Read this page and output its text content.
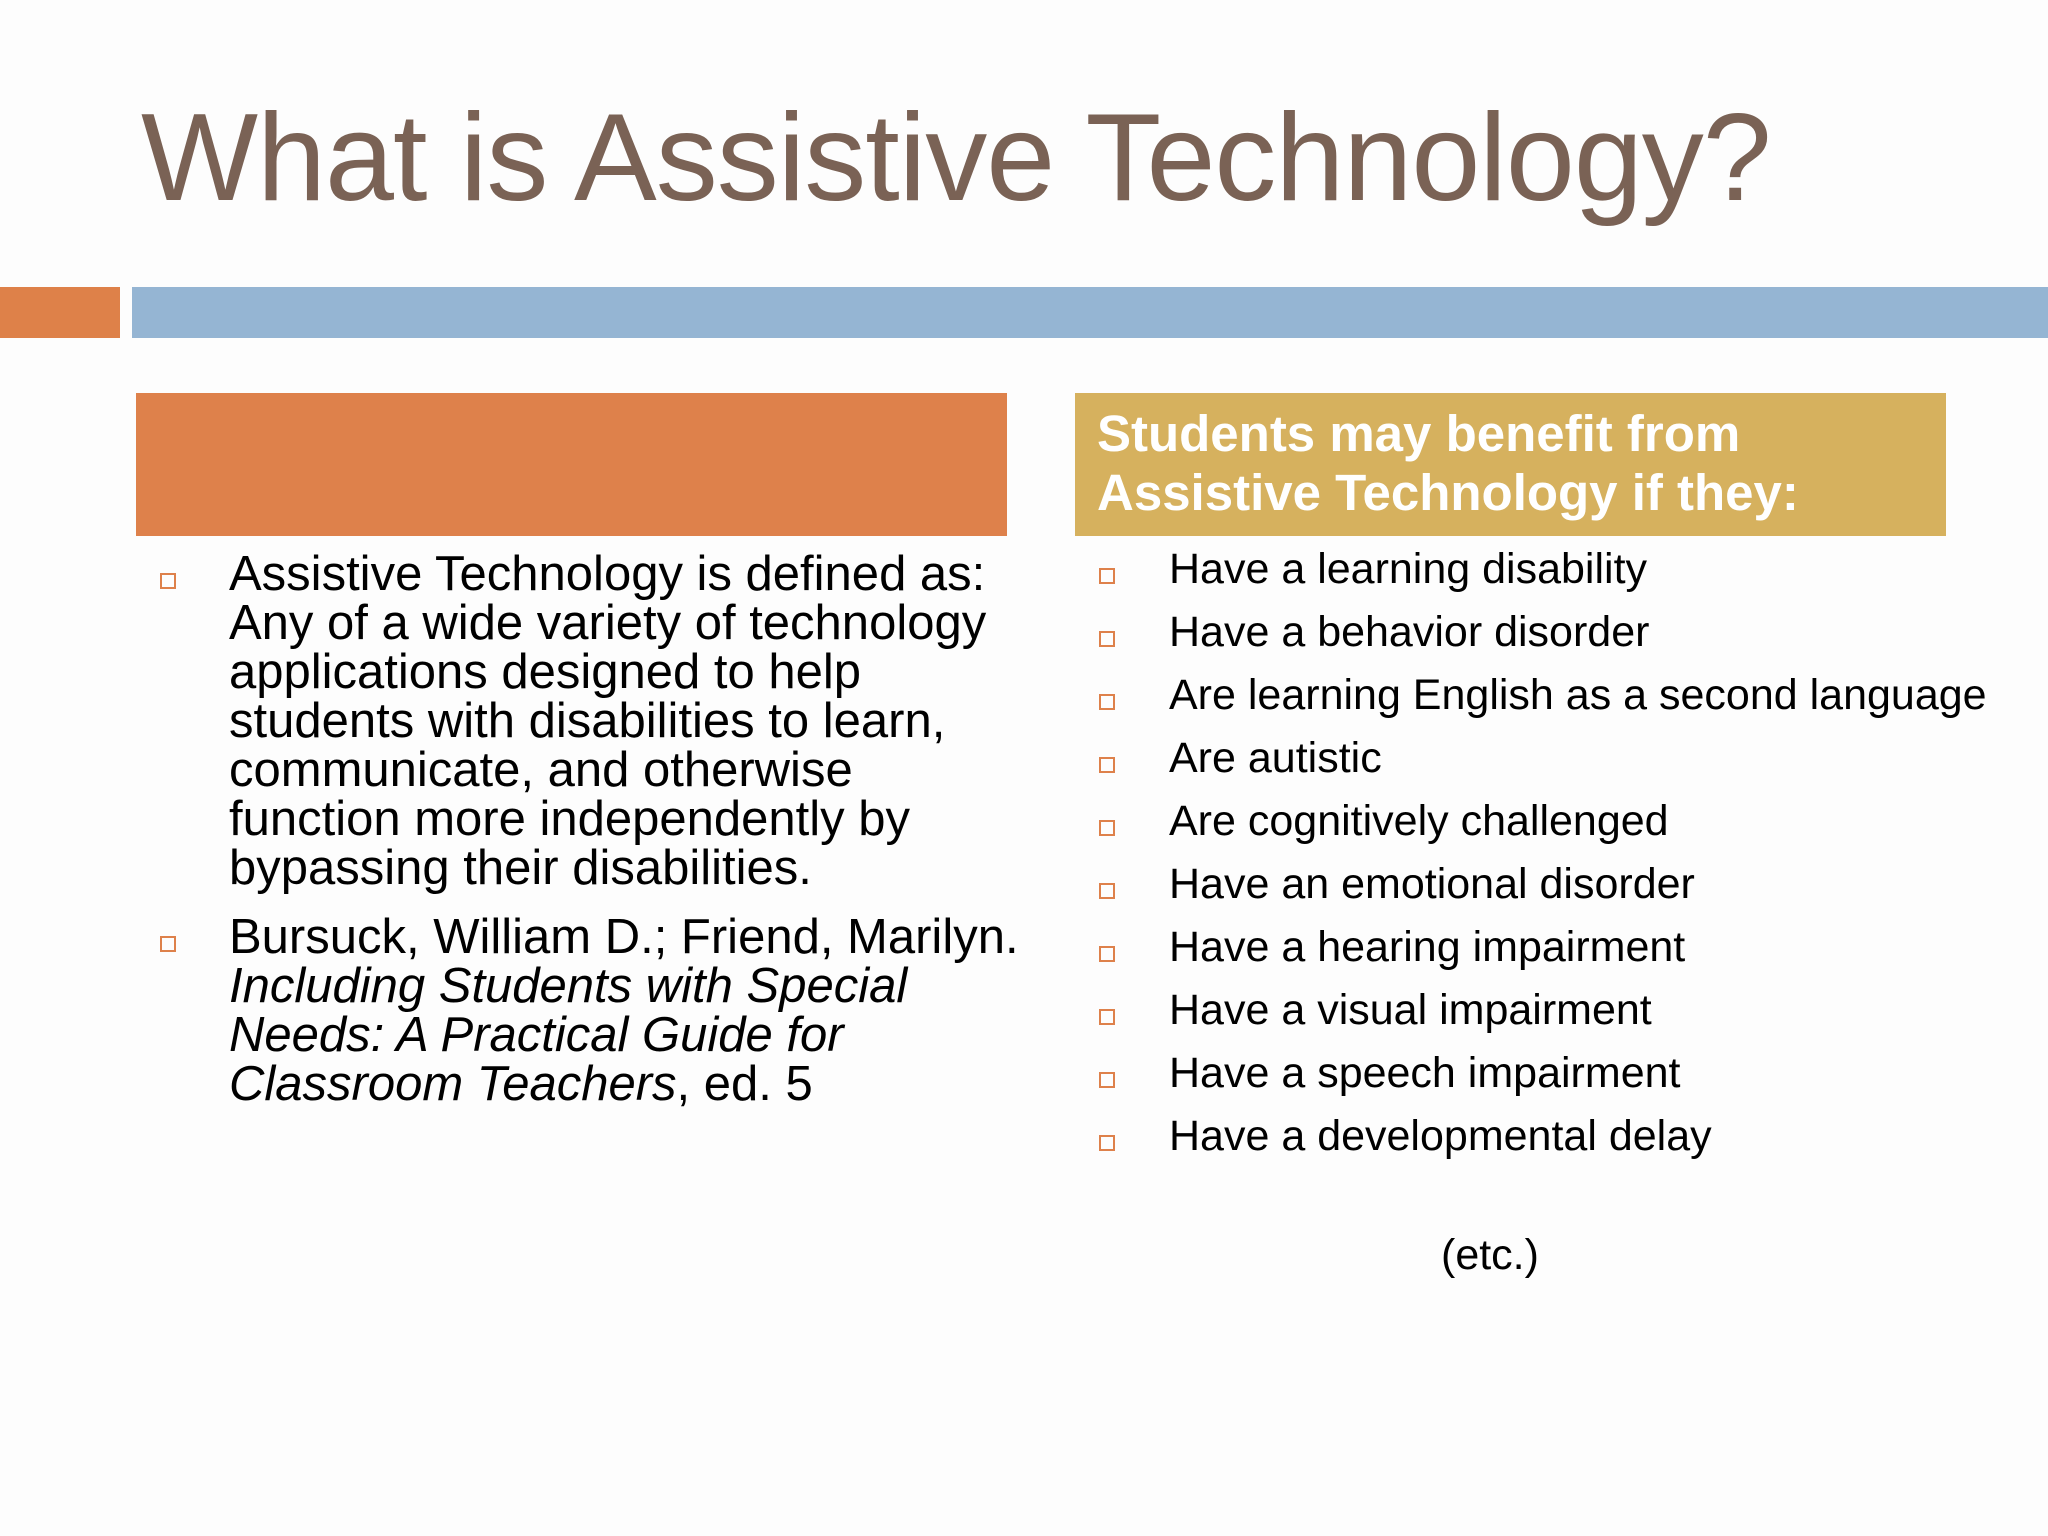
What is Assistive Technology?
Assistive Technology is defined as: Any of a wide variety of technology applications designed to help students with disabilities to learn, communicate, and otherwise function more independently by bypassing their disabilities.
Bursuck, William D.; Friend, Marilyn. Including Students with Special Needs: A Practical Guide for Classroom Teachers, ed. 5
Students may benefit from Assistive Technology if they:
Have a learning disability
Have a behavior disorder
Are learning English as a second language
Are autistic
Are cognitively challenged
Have an emotional disorder
Have a hearing impairment
Have a visual impairment
Have a speech impairment
Have a developmental delay
(etc.)
